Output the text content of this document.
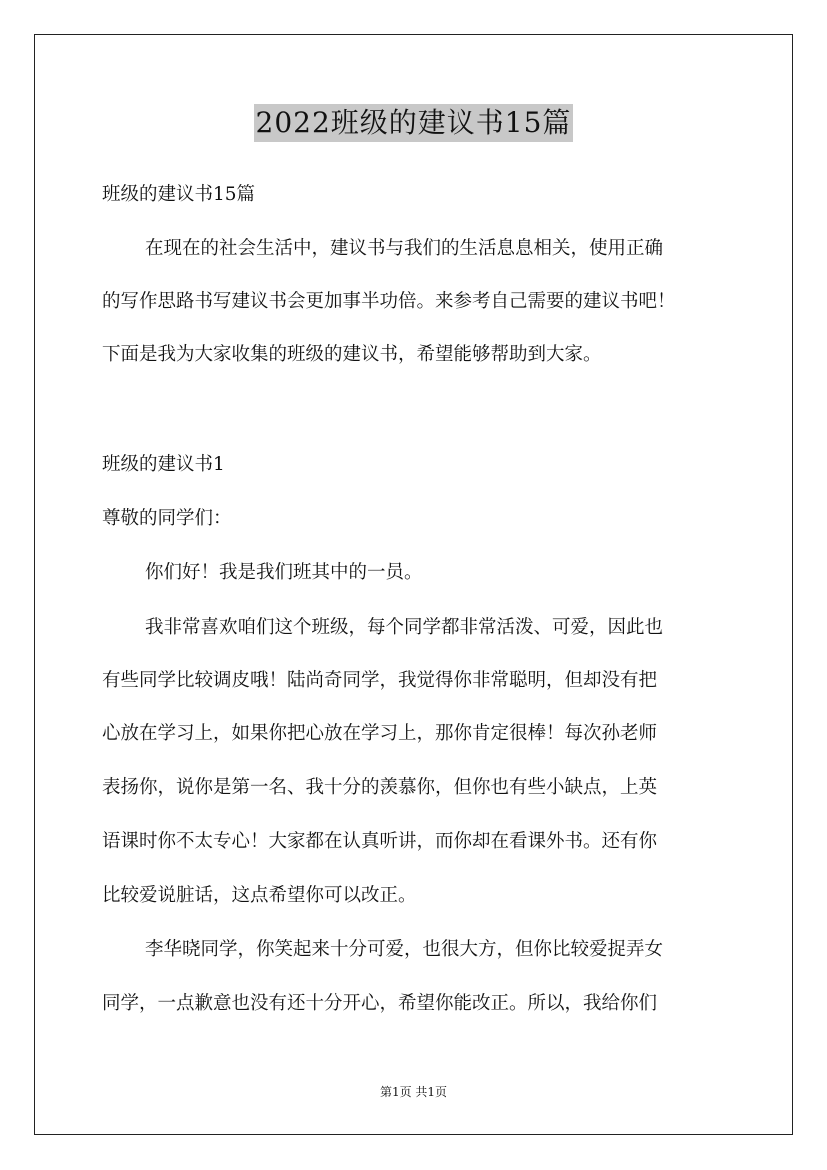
2022班级的建议书15篇
班级的建议书15篇
在现在的社会生活中，建议书与我们的生活息息相关，使用正确
的写作思路书写建议书会更加事半功倍。来参考自己需要的建议书吧！
下面是我为大家收集的班级的建议书，希望能够帮助到大家。
班级的建议书1
尊敬的同学们：
你们好！我是我们班其中的一员。
我非常喜欢咱们这个班级，每个同学都非常活泼、可爱，因此也
有些同学比较调皮哦！陆尚奇同学，我觉得你非常聪明，但却没有把
心放在学习上，如果你把心放在学习上，那你肯定很棒！每次孙老师
表扬你，说你是第一名、我十分的羡慕你，但你也有些小缺点，上英
语课时你不太专心！大家都在认真听讲，而你却在看课外书。还有你
比较爱说脏话，这点希望你可以改正。
李华晓同学，你笑起来十分可爱，也很大方，但你比较爱捉弄女
同学，一点歉意也没有还十分开心，希望你能改正。所以，我给你们
第1页 共1页
